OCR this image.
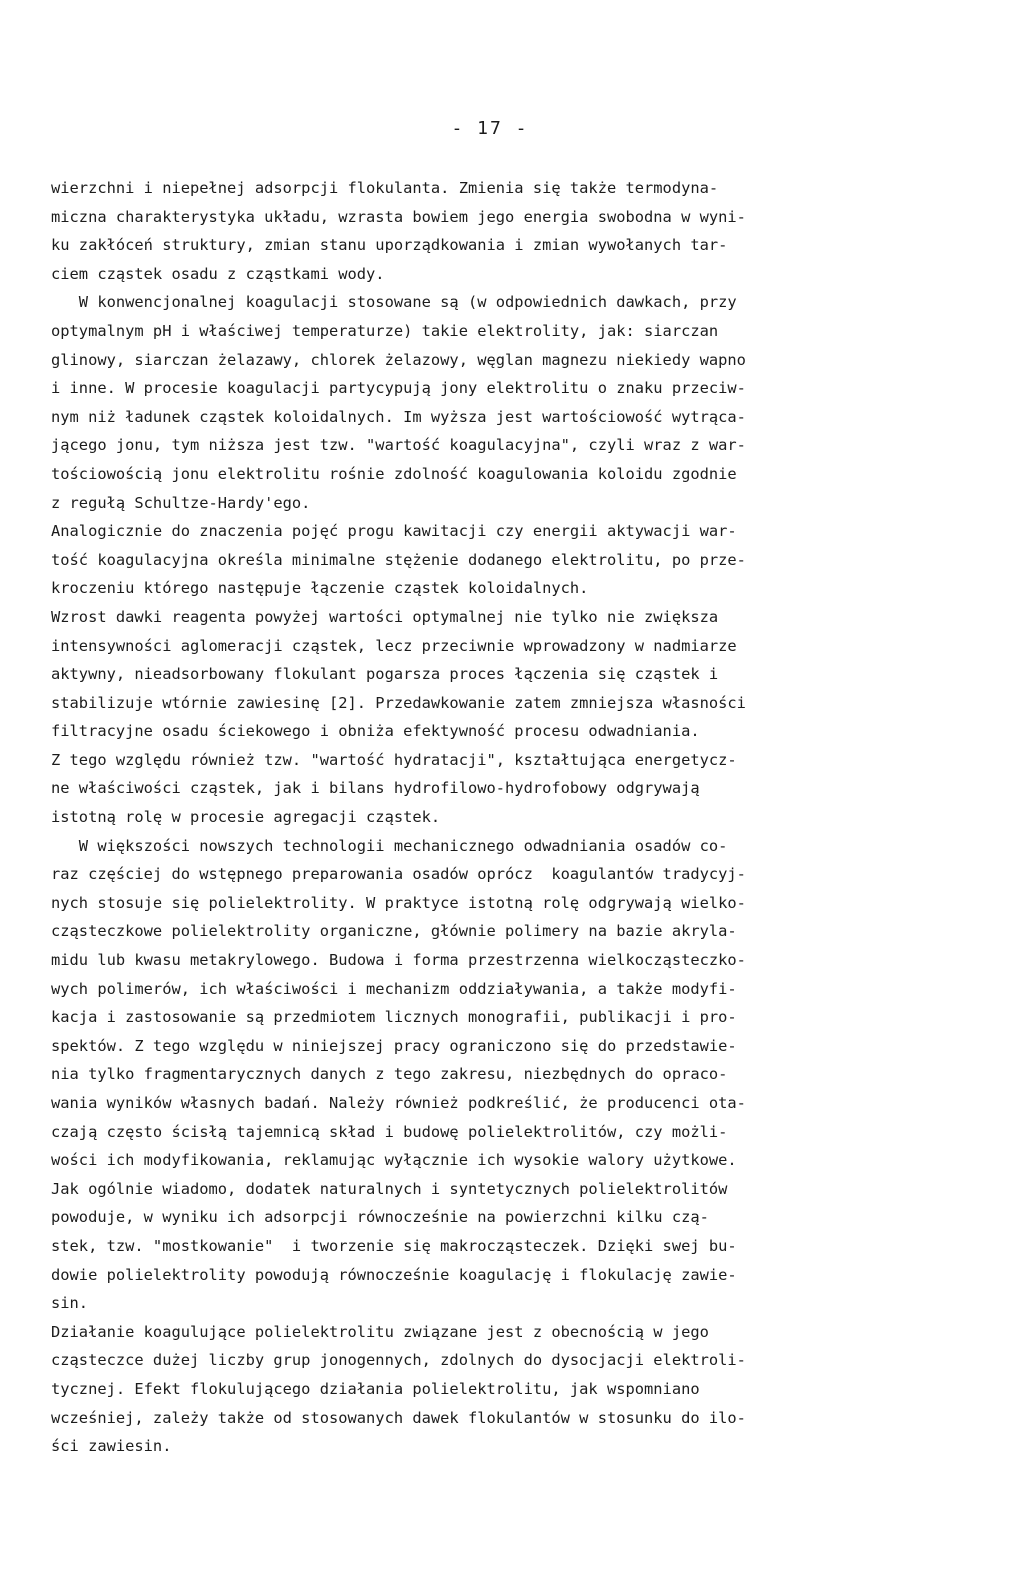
- 17 -
wierzchni i niepełnej adsorpcji flokulanta. Zmienia się także termodyna-
miczna charakterystyka układu, wzrasta bowiem jego energia swobodna w wyni-
ku zakłóceń struktury, zmian stanu uporządkowania i zmian wywołanych tar-
ciem cząstek osadu z cząstkami wody.
W konwencjonalnej koagulacji stosowane są (w odpowiednich dawkach, przy
optymalnym pH i właściwej temperaturze) takie elektrolity, jak: siarczan
glinowy, siarczan żelazawy, chlorek żelazowy, węglan magnezu niekiedy wapno
i inne. W procesie koagulacji partycypują jony elektrolitu o znaku przeciw-
nym niż ładunek cząstek koloidalnych. Im wyższa jest wartościowość wytrąca-
jącego jonu, tym niższa jest tzw. "wartość koagulacyjna", czyli wraz z war-
tościowością jonu elektrolitu rośnie zdolność koagulowania koloidu zgodnie
z regułą Schultze-Hardy'ego.
Analogicznie do znaczenia pojęć progu kawitacji czy energii aktywacji war-
tość koagulacyjna określa minimalne stężenie dodanego elektrolitu, po prze-
kroczeniu którego następuje łączenie cząstek koloidalnych.
Wzrost dawki reagenta powyżej wartości optymalnej nie tylko nie zwiększa
intensywności aglomeracji cząstek, lecz przeciwnie wprowadzony w nadmiarze
aktywny, nieadsorbowany flokulant pogarsza proces łączenia się cząstek i
stabilizuje wtórnie zawiesinę [2]. Przedawkowanie zatem zmniejsza własności
filtracyjne osadu ściekowego i obniża efektywność procesu odwadniania.
Z tego względu również tzw. "wartość hydratacji", kształtująca energetycz-
ne właściwości cząstek, jak i bilans hydrofilowo-hydrofobowy odgrywają
istotną rolę w procesie agregacji cząstek.
W większości nowszych technologii mechanicznego odwadniania osadów co-
raz częściej do wstępnego preparowania osadów oprócz  koagulantów tradycyj-
nych stosuje się polielektrolity. W praktyce istotną rolę odgrywają wielko-
cząsteczkowe polielektrolity organiczne, głównie polimery na bazie akryla-
midu lub kwasu metakrylowego. Budowa i forma przestrzenna wielkocząsteczko-
wych polimerów, ich właściwości i mechanizm oddziaływania, a także modyfi-
kacja i zastosowanie są przedmiotem licznych monografii, publikacji i pro-
spektów. Z tego względu w niniejszej pracy ograniczono się do przedstawie-
nia tylko fragmentarycznych danych z tego zakresu, niezbędnych do opraco-
wania wyników własnych badań. Należy również podkreślić, że producenci ota-
czają często ścisłą tajemnicą skład i budowę polielektrolitów, czy możli-
wości ich modyfikowania, reklamując wyłącznie ich wysokie walory użytkowe.
Jak ogólnie wiadomo, dodatek naturalnych i syntetycznych polielektrolitów
powoduje, w wyniku ich adsorpcji równocześnie na powierzchni kilku czą-
stek, tzw. "mostkowanie"  i tworzenie się makrocząsteczek. Dzięki swej bu-
dowie polielektrolity powodują równocześnie koagulację i flokulację zawie-
sin.
Działanie koagulujące polielektrolitu związane jest z obecnością w jego
cząsteczce dużej liczby grup jonogennych, zdolnych do dysocjacji elektroli-
tycznej. Efekt flokulującego działania polielektrolitu, jak wspomniano
wcześniej, zależy także od stosowanych dawek flokulantów w stosunku do ilo-
ści zawiesin.
